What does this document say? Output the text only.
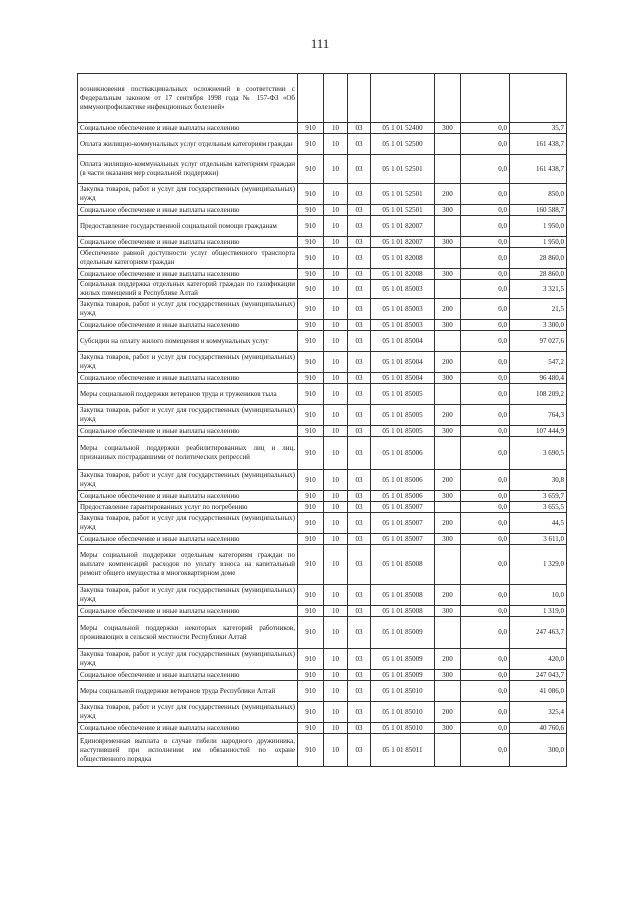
111
возникновения поствакцинальных осложнений в соответствии с Федеральным законом от 17 сентября 1998 года № 157-ФЗ «Об иммунопрофилактике инфекционных болезней»							
Социальное обеспечение и иные выплаты населению	910	10	03	05 1 01 52400	300	0,0	35,7
Оплата жилищно-коммунальных услуг отдельным категориям граждан	910	10	03	05 1 01 52500		0,0	161 438,7
Оплата жилищно-коммунальных услуг отдельным категориям граждан (в части оказания мер социальной поддержки)	910	10	03	05 1 01 52501		0,0	161 438,7
Закупка товаров, работ и услуг для государственных (муниципальных) нужд	910	10	03	05 1 01 52501	200	0,0	850,0
Социальное обеспечение и иные выплаты населению	910	10	03	05 1 01 52501	300	0,0	160 588,7
Предоставление государственной социальной помощи гражданам	910	10	03	05 1 01 82007		0,0	1 950,0
Социальное обеспечение и иные выплаты населению	910	10	03	05 1 01 82007	300	0,0	1 950,0
Обеспечение равной доступности услуг общественного транспорта отдельным категориям граждан	910	10	03	05 1 01 82008		0,0	28 860,0
Социальное обеспечение и иные выплаты населению	910	10	03	05 1 01 82008	300	0,0	28 860,0
Социальная поддержка отдельных категорий граждан по газификации жилых помещений в Республике Алтай	910	10	03	05 1 01 85003		0,0	3 321,5
Закупка товаров, работ и услуг для государственных (муниципальных) нужд	910	10	03	05 1 01 85003	200	0,0	21,5
Социальное обеспечение и иные выплаты населению	910	10	03	05 1 01 85003	300	0,0	3 300,0
Субсидии на оплату жилого помещения и коммунальных услуг	910	10	03	05 1 01 85004		0,0	97 027,6
Закупка товаров, работ и услуг для государственных (муниципальных) нужд	910	10	03	05 1 01 85004	200	0,0	547,2
Социальное обеспечение и иные выплаты населению	910	10	03	05 1 01 85004	300	0,0	96 480,4
Меры социальной поддержки ветеранов труда и тружеников тыла	910	10	03	05 1 01 85005		0,0	108 209,2
Закупка товаров, работ и услуг для государственных (муниципальных) нужд	910	10	03	05 1 01 85005	200	0,0	764,3
Социальное обеспечение и иные выплаты населению	910	10	03	05 1 01 85005	300	0,0	107 444,9
Меры социальной поддержки реабилитированных лиц и лиц, признанных пострадавшими от политических репрессий	910	10	03	05 1 01 85006		0,0	3 690,5
Закупка товаров, работ и услуг для государственных (муниципальных) нужд	910	10	03	05 1 01 85006	200	0,0	30,8
Социальное обеспечение и иные выплаты населению	910	10	03	05 1 01 85006	300	0,0	3 659,7
Предоставление гарантированных услуг по погребению	910	10	03	05 1 01 85007		0,0	3 655,5
Закупка товаров, работ и услуг для государственных (муниципальных) нужд	910	10	03	05 1 01 85007	200	0,0	44,5
Социальное обеспечение и иные выплаты населению	910	10	03	05 1 01 85007	300	0,0	3 611,0
Меры социальной поддержки отдельным категориям граждан по выплате компенсаций расходов по уплату взноса на капитальный ремонт общего имущества в многоквартирном доме	910	10	03	05 1 01 85008		0,0	1 329,0
Закупка товаров, работ и услуг для государственных (муниципальных) нужд	910	10	03	05 1 01 85008	200	0,0	10,0
Социальное обеспечение и иные выплаты населению	910	10	03	05 1 01 85008	300	0,0	1 319,0
Меры социальной поддержки некоторых категорий работников, проживающих в сельской местности Республики Алтай	910	10	03	05 1 01 85009		0,0	247 463,7
Закупка товаров, работ и услуг для государственных (муниципальных) нужд	910	10	03	05 1 01 85009	200	0,0	420,0
Социальное обеспечение и иные выплаты населению	910	10	03	05 1 01 85009	300	0,0	247 043,7
Меры социальной поддержки ветеранов труда Республики Алтай	910	10	03	05 1 01 85010		0,0	41 086,0
Закупка товаров, работ и услуг для государственных (муниципальных) нужд	910	10	03	05 1 01 85010	200	0,0	325,4
Социальное обеспечение и иные выплаты населению	910	10	03	05 1 01 85010	300	0,0	40 760,6
Единовременная выплата в случае гибели народного дружинника, наступившей при исполнении им обязанностей по охране общественного порядка	910	10	03	05 1 01 85011		0,0	300,0
